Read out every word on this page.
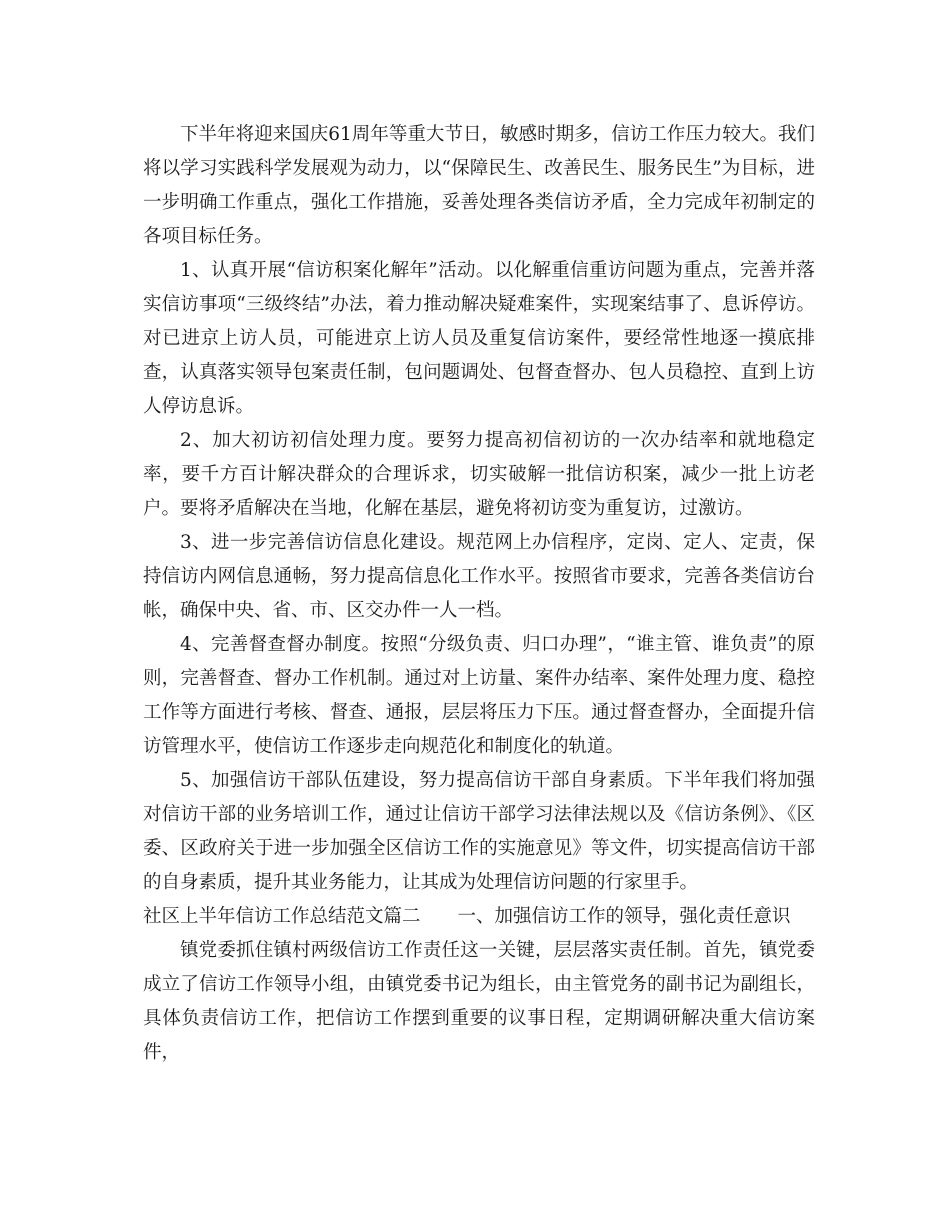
下半年将迎来国庆61周年等重大节日，敏感时期多，信访工作压力较大。我们将以学习实践科学发展观为动力，以“保障民生、改善民生、服务民生”为目标，进一步明确工作重点，强化工作措施，妥善处理各类信访矛盾，全力完成年初制定的各项目标任务。

1、认真开展“信访积案化解年”活动。以化解重信重访问题为重点，完善并落实信访事项“三级终结”办法，着力推动解决疑难案件，实现案结事了、息诉停访。对已进京上访人员，可能进京上访人员及重复信访案件，要经常性地逐一摸底排查，认真落实领导包案责任制，包问题调处、包督查督办、包人员稳控、直到上访人停访息诉。

2、加大初访初信处理力度。要努力提高初信初访的一次办结率和就地稳定率，要千方百计解决群众的合理诉求，切实破解一批信访积案，减少一批上访老户。要将矛盾解决在当地，化解在基层，避免将初访变为重复访，过激访。

3、进一步完善信访信息化建设。规范网上办信程序，定岗、定人、定责，保持信访内网信息通畅，努力提高信息化工作水平。按照省市要求，完善各类信访台帐，确保中央、省、市、区交办件一人一档。

4、完善督查督办制度。按照“分级负责、归口办理”，“谁主管、谁负责”的原则，完善督查、督办工作机制。通过对上访量、案件办结率、案件处理力度、稳控工作等方面进行考核、督查、通报，层层将压力下压。通过督查督办，全面提升信访管理水平，使信访工作逐步走向规范化和制度化的轨道。

5、加强信访干部队伍建设，努力提高信访干部自身素质。下半年我们将加强对信访干部的业务培训工作，通过让信访干部学习法律法规以及《信访条例》、《区委、区政府关于进一步加强全区信访工作的实施意见》等文件，切实提高信访干部的自身素质，提升其业务能力，让其成为处理信访问题的行家里手。

社区上半年信访工作总结范文篇二　　一、加强信访工作的领导，强化责任意识

镇党委抓住镇村两级信访工作责任这一关键，层层落实责任制。首先，镇党委成立了信访工作领导小组，由镇党委书记为组长，由主管党务的副书记为副组长，具体负责信访工作，把信访工作摆到重要的议事日程，定期调研解决重大信访案件，
